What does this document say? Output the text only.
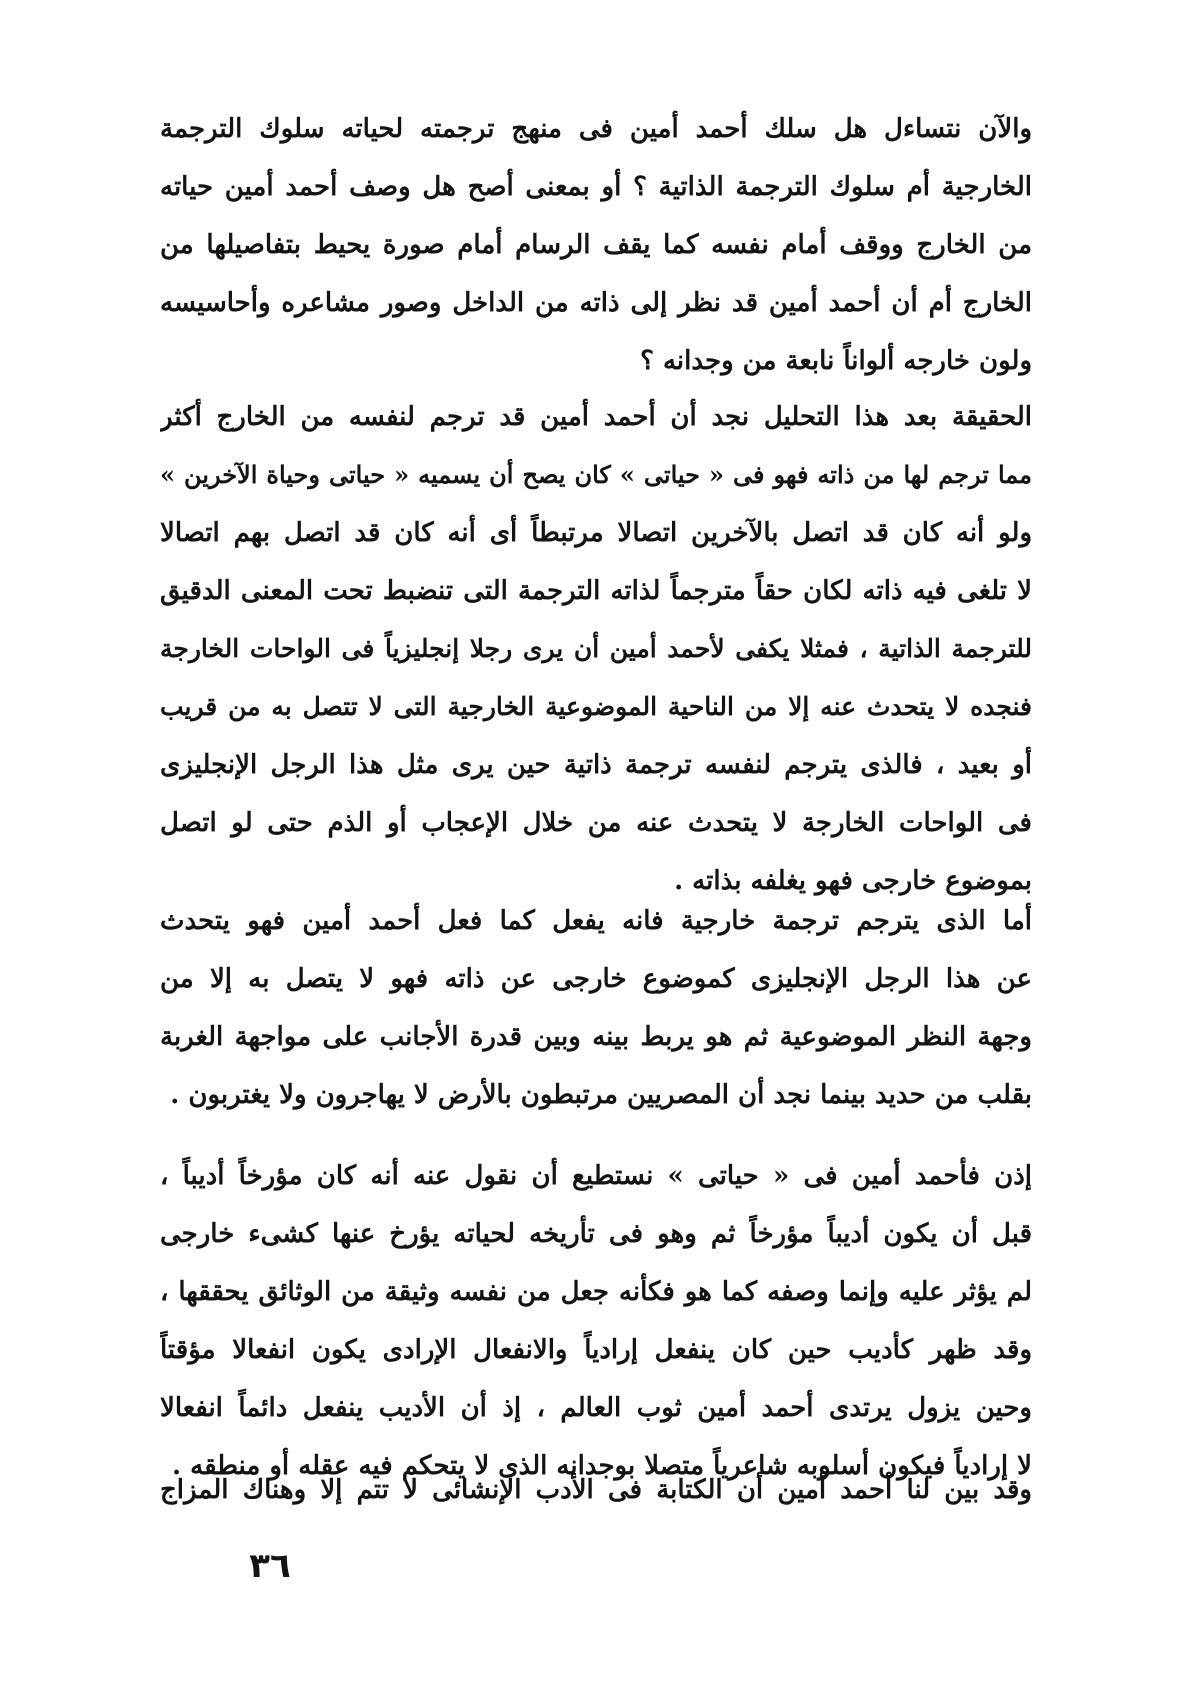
والآن نتساءل هل سلك أحمد أمين فى منهج ترجمته لحياته سلوك الترجمة
الخارجية أم سلوك الترجمة الذاتية ؟ أو بمعنى أصح هل وصف أحمد أمين حياته
من الخارج ووقف أمام نفسه كما يقف الرسام أمام صورة يحيط بتفاصيلها من
الخارج أم أن أحمد أمين قد نظر إلى ذاته من الداخل وصور مشاعره وأحاسيسه
ولون خارجه ألواناً نابعة من وجدانه ؟
الحقيقة بعد هذا التحليل نجد أن أحمد أمين قد ترجم لنفسه من الخارج أكثر
مما ترجم لها من ذاته فهو فى « حياتى » كان يصح أن يسميه « حياتى وحياة الآخرين »
ولو أنه كان قد اتصل بالآخرين اتصالا مرتبطاً أى أنه كان قد اتصل بهم اتصالا
لا تلغى فيه ذاته لكان حقاً مترجماً لذاته الترجمة التى تنضبط تحت المعنى الدقيق
للترجمة الذاتية ، فمثلا يكفى لأحمد أمين أن يرى رجلا إنجليزياً فى الواحات الخارجة
فنجده لا يتحدث عنه إلا من الناحية الموضوعية الخارجية التى لا تتصل به من قريب
أو بعيد ، فالذى يترجم لنفسه ترجمة ذاتية حين يرى مثل هذا الرجل الإنجليزى
فى الواحات الخارجة لا يتحدث عنه من خلال الإعجاب أو الذم حتى لو اتصل
بموضوع خارجى فهو يغلفه بذاته .
أما الذى يترجم ترجمة خارجية فانه يفعل كما فعل أحمد أمين فهو يتحدث
عن هذا الرجل الإنجليزى كموضوع خارجى عن ذاته فهو لا يتصل به إلا من
وجهة النظر الموضوعية ثم هو يربط بينه وبين قدرة الأجانب على مواجهة الغربة
بقلب من حديد بينما نجد أن المصريين مرتبطون بالأرض لا يهاجرون ولا يغتربون .
إذن فأحمد أمين فى « حياتى » نستطيع أن نقول عنه أنه كان مؤرخاً أديباً ،
قبل أن يكون أديباً مؤرخاً ثم وهو فى تأريخه لحياته يؤرخ عنها كشىء خارجى
لم يؤثر عليه وإنما وصفه كما هو فكأنه جعل من نفسه وثيقة من الوثائق يحققها ،
وقد ظهر كأديب حين كان ينفعل إرادياً والانفعال الإرادى يكون انفعالا مؤقتاً
وحين يزول يرتدى أحمد أمين ثوب العالم ، إذ أن الأديب ينفعل دائماً انفعالا
لا إرادياً فيكون أسلوبه شاعرياً متصلا بوجدانه الذى لا يتحكم فيه عقله أو منطقه .
وقد بين لنا أحمد أمين أن الكتابة فى الأدب الإنشائى لا تتم إلا وهناك المزاج
٣٦
